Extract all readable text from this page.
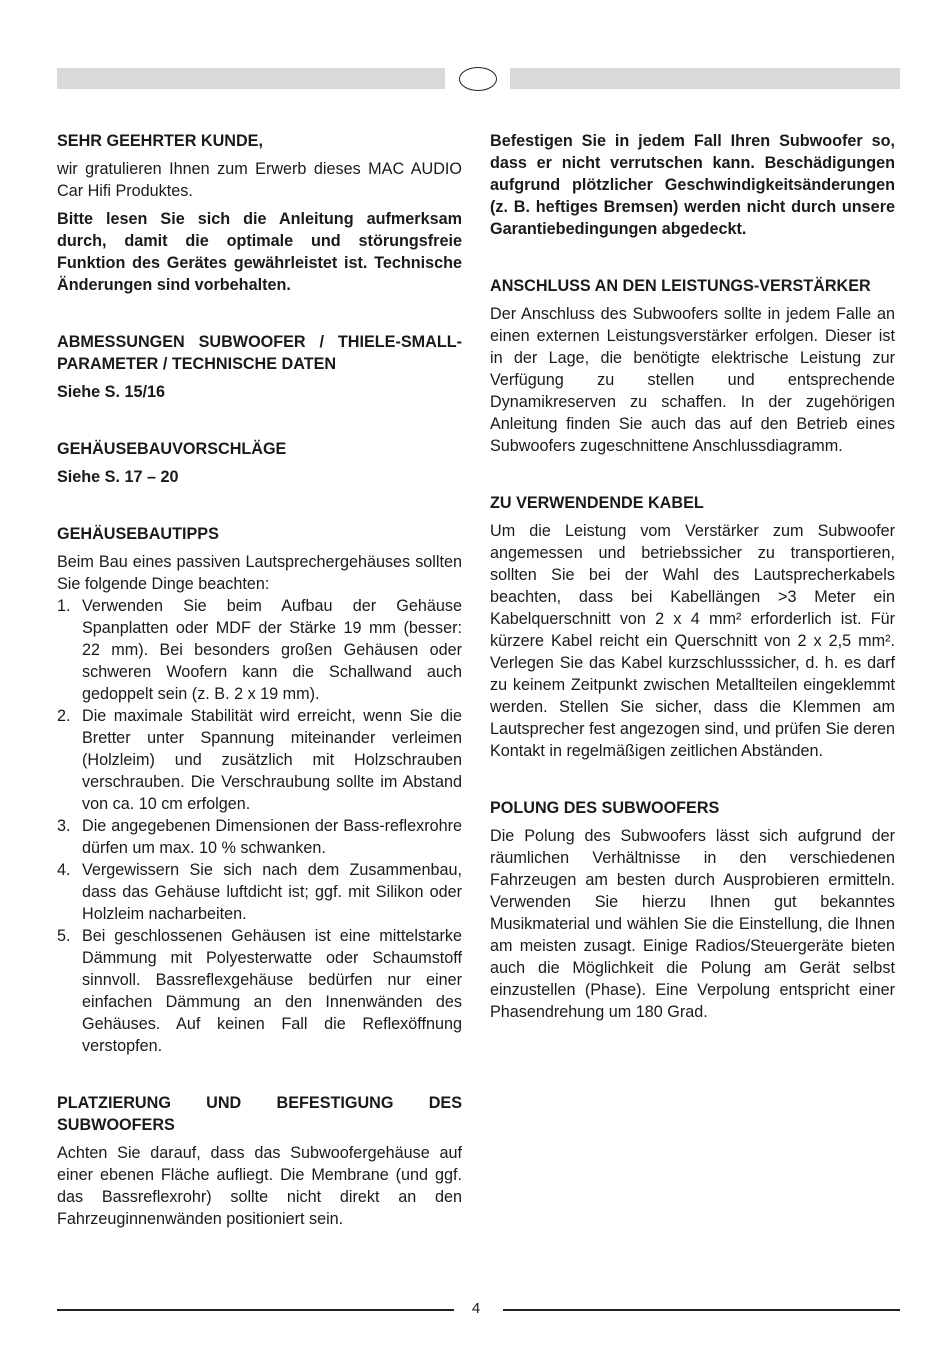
SEHR GEEHRTER KUNDE,

wir gratulieren Ihnen zum Erwerb dieses MAC AUDIO Car Hifi Produktes.

Bitte lesen Sie sich die Anleitung aufmerksam durch, damit die optimale und störungsfreie Funktion des Gerätes gewährleistet ist. Technische Änderungen sind vorbehalten.

ABMESSUNGEN SUBWOOFER / THIELE-SMALL-PARAMETER / TECHNISCHE DATEN

Siehe S. 15/16

GEHÄUSEBAUVORSCHLÄGE

Siehe S. 17 – 20

GEHÄUSEBAUTIPPS

Beim Bau eines passiven Lautsprechergehäuses sollten Sie folgende Dinge beachten:

1. Verwenden Sie beim Aufbau der Gehäuse Spanplatten oder MDF der Stärke 19 mm (besser: 22 mm). Bei besonders großen Gehäusen oder schweren Woofern kann die Schallwand auch gedoppelt sein (z. B. 2 x 19 mm).
2. Die maximale Stabilität wird erreicht, wenn Sie die Bretter unter Spannung miteinander verleimen (Holzleim) und zusätzlich mit Holzschrauben verschrauben. Die Verschraubung sollte im Abstand von ca. 10 cm erfolgen.
3. Die angegebenen Dimensionen der Bass-reflexrohre dürfen um max. 10 % schwanken.
4. Vergewissern Sie sich nach dem Zusammenbau, dass das Gehäuse luftdicht ist; ggf. mit Silikon oder Holzleim nacharbeiten.
5. Bei geschlossenen Gehäusen ist eine mittelstarke Dämmung mit Polyesterwatte oder Schaumstoff sinnvoll. Bassreflexgehäuse bedürfen nur einer einfachen Dämmung an den Innenwänden des Gehäuses. Auf keinen Fall die Reflexöffnung verstopfen.

PLATZIERUNG UND BEFESTIGUNG DES SUBWOOFERS

Achten Sie darauf, dass das Subwoofergehäuse auf einer ebenen Fläche aufliegt. Die Membrane (und ggf. das Bassreflexrohr) sollte nicht direkt an den Fahrzeuginnenwänden positioniert sein.

Befestigen Sie in jedem Fall Ihren Subwoofer so, dass er nicht verrutschen kann. Beschädigungen aufgrund plötzlicher Geschwindigkeitsänderungen (z. B. heftiges Bremsen) werden nicht durch unsere Garantiebedingungen abgedeckt.

ANSCHLUSS AN DEN LEISTUNGS-VERSTÄRKER

Der Anschluss des Subwoofers sollte in jedem Falle an einen externen Leistungsverstärker erfolgen. Dieser ist in der Lage, die benötigte elektrische Leistung zur Verfügung zu stellen und entsprechende Dynamikreserven zu schaffen. In der zugehörigen Anleitung finden Sie auch das auf den Betrieb eines Subwoofers zugeschnittene Anschlussdiagramm.

ZU VERWENDENDE KABEL

Um die Leistung vom Verstärker zum Subwoofer angemessen und betriebssicher zu transportieren, sollten Sie bei der Wahl des Lautsprecherkabels beachten, dass bei Kabellängen >3 Meter ein Kabelquerschnitt von 2 x 4 mm² erforderlich ist. Für kürzere Kabel reicht ein Querschnitt von 2 x 2,5 mm². Verlegen Sie das Kabel kurzschlusssicher, d. h. es darf zu keinem Zeitpunkt zwischen Metallteilen eingeklemmt werden. Stellen Sie sicher, dass die Klemmen am Lautsprecher fest angezogen sind, und prüfen Sie deren Kontakt in regelmäßigen zeitlichen Abständen.

POLUNG DES SUBWOOFERS

Die Polung des Subwoofers lässt sich aufgrund der räumlichen Verhältnisse in den verschiedenen Fahrzeugen am besten durch Ausprobieren ermitteln. Verwenden Sie hierzu Ihnen gut bekanntes Musikmaterial und wählen Sie die Einstellung, die Ihnen am meisten zusagt. Einige Radios/Steuergeräte bieten auch die Möglichkeit die Polung am Gerät selbst einzustellen (Phase). Eine Verpolung entspricht einer Phasendrehung um 180 Grad.

4
